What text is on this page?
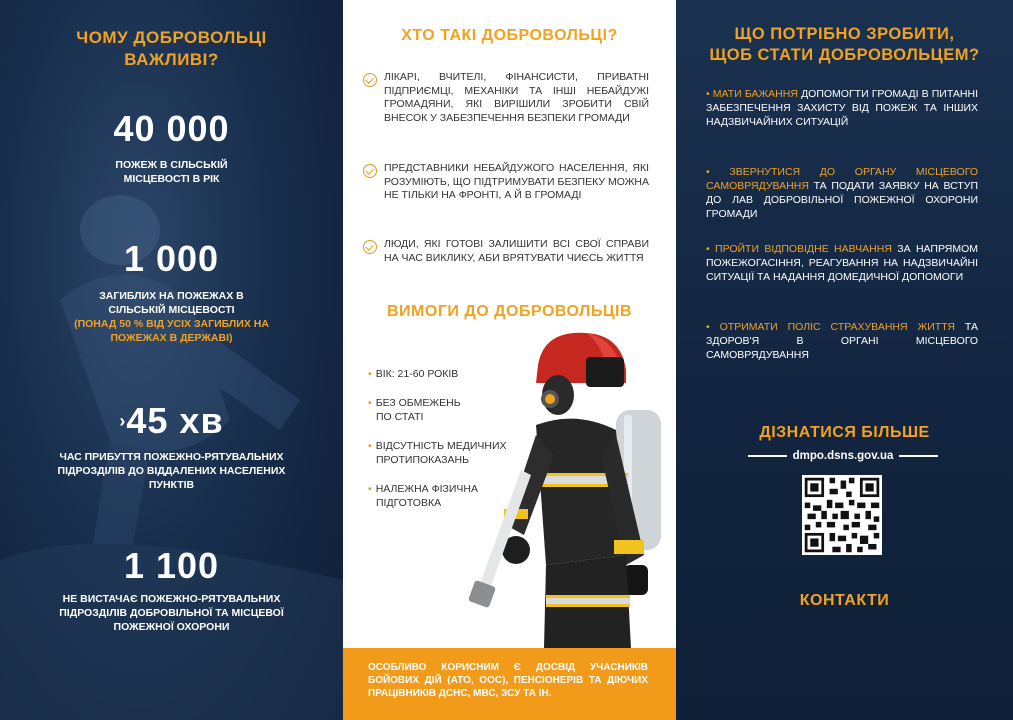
ЧОМУ ДОБРОВОЛЬЦІ
ВАЖЛИВІ?
40 000
ПОЖЕЖ В СІЛЬСЬКІЙ
МІСЦЕВОСТІ В РІК
1 000
ЗАГИБЛИХ НА ПОЖЕЖАХ В
СІЛЬСЬКІЙ МІСЦЕВОСТІ
(ПОНАД 50 % ВІД УСІХ ЗАГИБЛИХ НА
ПОЖЕЖАХ В ДЕРЖАВІ)
›45 хв
ЧАС ПРИБУТТЯ ПОЖЕЖНО-РЯТУВАЛЬНИХ
ПІДРОЗДІЛІВ ДО ВІДДАЛЕНИХ НАСЕЛЕНИХ
ПУНКТІВ
1 100
НЕ ВИСТАЧАЄ ПОЖЕЖНО-РЯТУВАЛЬНИХ
ПІДРОЗДІЛІВ ДОБРОВІЛЬНОЇ ТА МІСЦЕВОЇ
ПОЖЕЖНОЇ ОХОРОНИ
ХТО ТАКІ ДОБРОВОЛЬЦІ?
ЛІКАРІ, ВЧИТЕЛІ, ФІНАНСИСТИ, ПРИВАТНІ ПІДПРИЄМЦІ, МЕХАНІКИ ТА ІНШІ НЕБАЙДУЖІ ГРОМАДЯНИ, ЯКІ ВИРІШИЛИ ЗРОБИТИ СВІЙ ВНЕСОК У ЗАБЕЗПЕЧЕННЯ БЕЗПЕКИ ГРОМАДИ
ПРЕДСТАВНИКИ НЕБАЙДУЖОГО НАСЕЛЕННЯ, ЯКІ РОЗУМІЮТЬ, ЩО ПІДТРИМУВАТИ БЕЗПЕКУ МОЖНА НЕ ТІЛЬКИ НА ФРОНТІ, А Й В ГРОМАДІ
ЛЮДИ, ЯКІ ГОТОВІ ЗАЛИШИТИ ВСІ СВОЇ СПРАВИ НА ЧАС ВИКЛИКУ, АБИ ВРЯТУВАТИ ЧИЄСЬ ЖИТТЯ
ВИМОГИ ДО ДОБРОВОЛЬЦІВ
• ВІК: 21-60 РОКІВ
• БЕЗ ОБМЕЖЕНЬ
ПО СТАТІ
• ВІДСУТНІСТЬ МЕДИЧНИХ
ПРОТИПОКАЗАНЬ
• НАЛЕЖНА ФІЗИЧНА
ПІДГОТОВКА
ОСОБЛИВО КОРИСНИМ Є ДОСВІД УЧАСНИКІВ БОЙОВИХ ДІЙ (АТО, ООС), ПЕНСІОНЕРІВ ТА ДІЮЧИХ ПРАЦІВНИКІВ ДСНС, МВС, ЗСУ ТА ІН.
ЩО ПОТРІБНО ЗРОБИТИ,
ЩОБ СТАТИ ДОБРОВОЛЬЦЕМ?
• МАТИ БАЖАННЯ ДОПОМОГТИ ГРОМАДІ В ПИТАННІ ЗАБЕЗПЕЧЕННЯ ЗАХИСТУ ВІД ПОЖЕЖ ТА ІНШИХ НАДЗВИЧАЙНИХ СИТУАЦІЙ
• ЗВЕРНУТИСЯ ДО ОРГАНУ МІСЦЕВОГО САМОВРЯДУВАННЯ ТА ПОДАТИ ЗАЯВКУ НА ВСТУП ДО ЛАВ ДОБРОВІЛЬНОЇ ПОЖЕЖНОЇ ОХОРОНИ ГРОМАДИ
• ПРОЙТИ ВІДПОВІДНЕ НАВЧАННЯ ЗА НАПРЯМОМ ПОЖЕЖОГАСІННЯ, РЕАГУВАННЯ НА НАДЗВИЧАЙНІ СИТУАЦІЇ ТА НАДАННЯ ДОМЕДИЧНОЇ ДОПОМОГИ
• ОТРИМАТИ ПОЛІС СТРАХУВАННЯ ЖИТТЯ ТА ЗДОРОВ'Я В ОРГАНІ МІСЦЕВОГО САМОВРЯДУВАННЯ
ДІЗНАТИСЯ БІЛЬШЕ
dmpo.dsns.gov.ua
КОНТАКТИ
